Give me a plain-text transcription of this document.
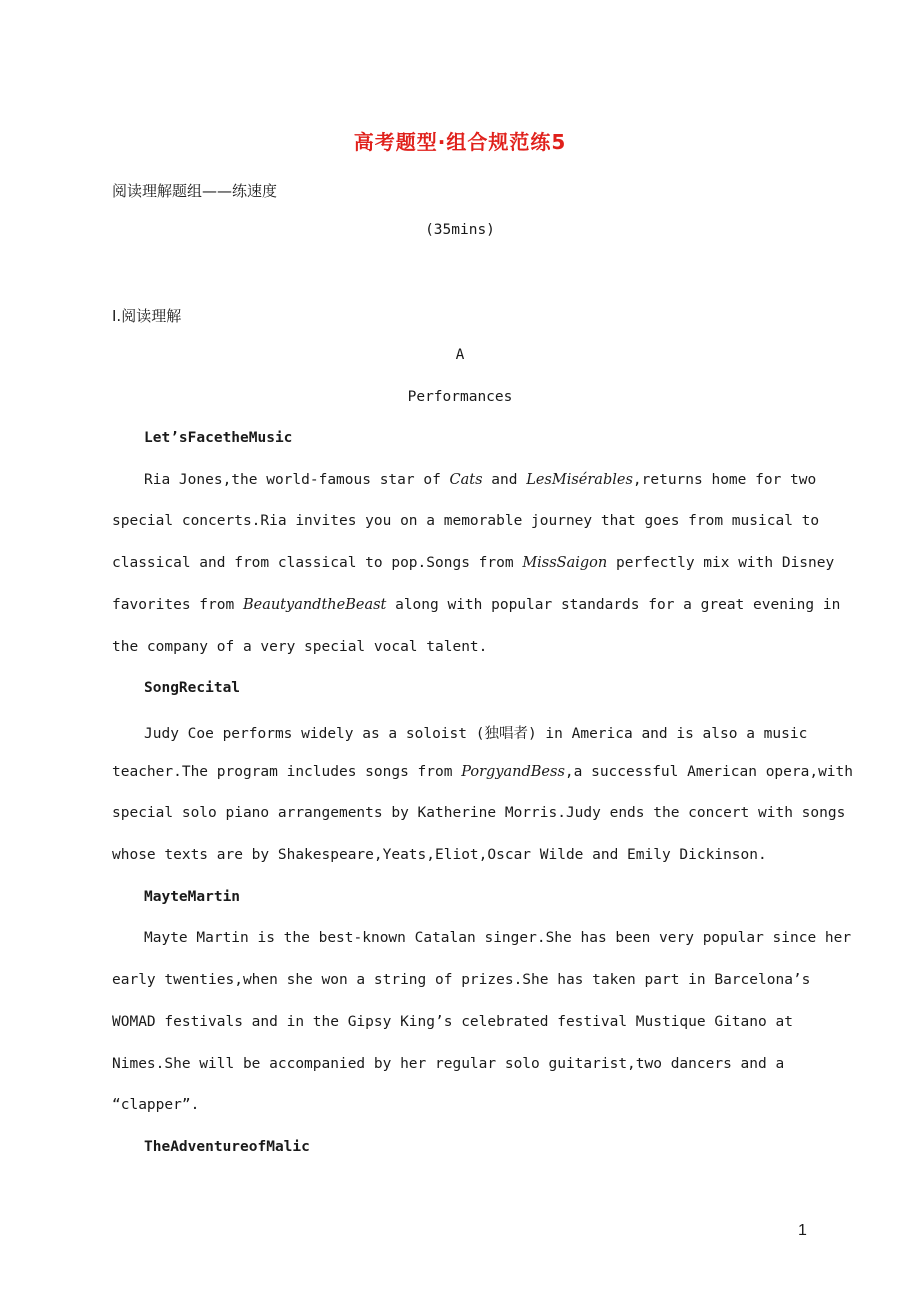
高考题型·组合规范练5
阅读理解题组——练速度
(35mins)
Ⅰ.阅读理解
A
Performances
Let’sFacetheMusic
Ria Jones,the world-famous star of Cats and LesMisérables,returns home for two
special concerts.Ria invites you on a memorable journey that goes from musical to
classical and from classical to pop.Songs from MissSaigon perfectly mix with Disney
favorites from BeautyandtheBeast along with popular standards for a great evening in
the company of a very special vocal talent.
SongRecital
Judy Coe performs widely as a soloist (独唱者) in America and is also a music
teacher.The program includes songs from PorgyandBess,a successful American opera,with
special solo piano arrangements by Katherine Morris.Judy ends the concert with songs
whose texts are by Shakespeare,Yeats,Eliot,Oscar Wilde and Emily Dickinson.
MayteMartin
Mayte Martin is the best-known Catalan singer.She has been very popular since her
early twenties,when she won a string of prizes.She has taken part in Barcelona’s
WOMAD festivals and in the Gipsy King’s celebrated festival Mustique Gitano at
Nimes.She will be accompanied by her regular solo guitarist,two dancers and a
“clapper”.
TheAdventureofMalic
1
